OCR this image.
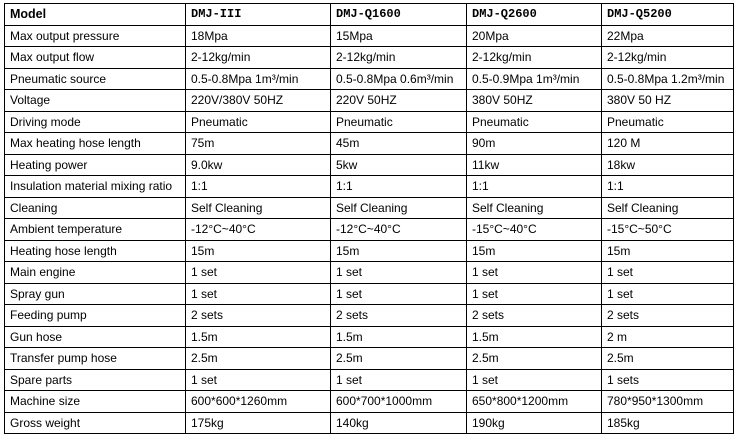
Model	DMJ-III	DMJ-Q1600	DMJ-Q2600	DMJ-Q5200
Max output pressure	18Mpa	15Mpa	20Mpa	22Mpa
Max output flow	2-12kg/min	2-12kg/min	2-12kg/min	2-12kg/min
Pneumatic source	0.5-0.8Mpa 1m³/min	0.5-0.8Mpa 0.6m³/min	0.5-0.9Mpa 1m³/min	0.5-0.8Mpa 1.2m³/min
Voltage	220V/380V 50HZ	220V 50HZ	380V 50HZ	380V 50 HZ
Driving mode	Pneumatic	Pneumatic	Pneumatic	Pneumatic
Max heating hose length	75m	45m	90m	120 M
Heating power	9.0kw	5kw	11kw	18kw
Insulation material mixing ratio	1:1	1:1	1:1	1:1
Cleaning	Self Cleaning	Self Cleaning	Self Cleaning	Self Cleaning
Ambient temperature	-12°C~40°C	-12°C~40°C	-15°C~40°C	-15°C~50°C
Heating hose length	15m	15m	15m	15m
Main engine	1 set	1 set	1 set	1 set
Spray gun	1 set	1 set	1 set	1 set
Feeding pump	2 sets	2 sets	2 sets	2 sets
Gun hose	1.5m	1.5m	1.5m	2 m
Transfer pump hose	2.5m	2.5m	2.5m	2.5m
Spare parts	1 set	1 set	1 set	1 sets
Machine size	600*600*1260mm	600*700*1000mm	650*800*1200mm	780*950*1300mm
Gross weight	175kg	140kg	190kg	185kg
